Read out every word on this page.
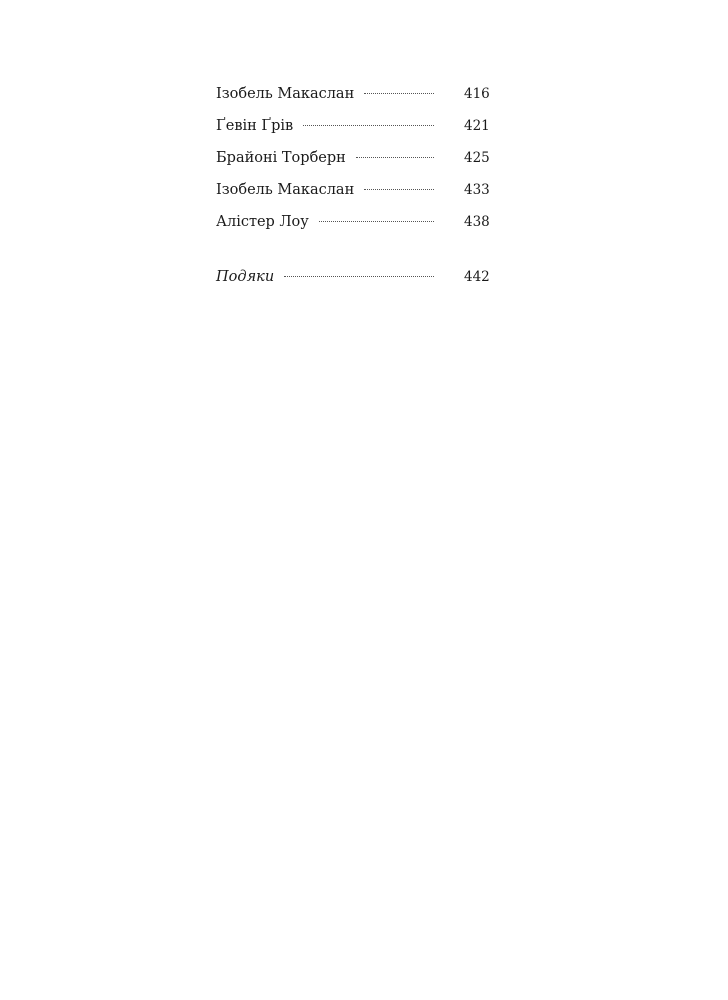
Ізобель Макаслан	416
Ґевін Ґрів	421
Брайоні Торберн	425
Ізобель Макаслан	433
Алістер Лоу	438
Подяки	442
